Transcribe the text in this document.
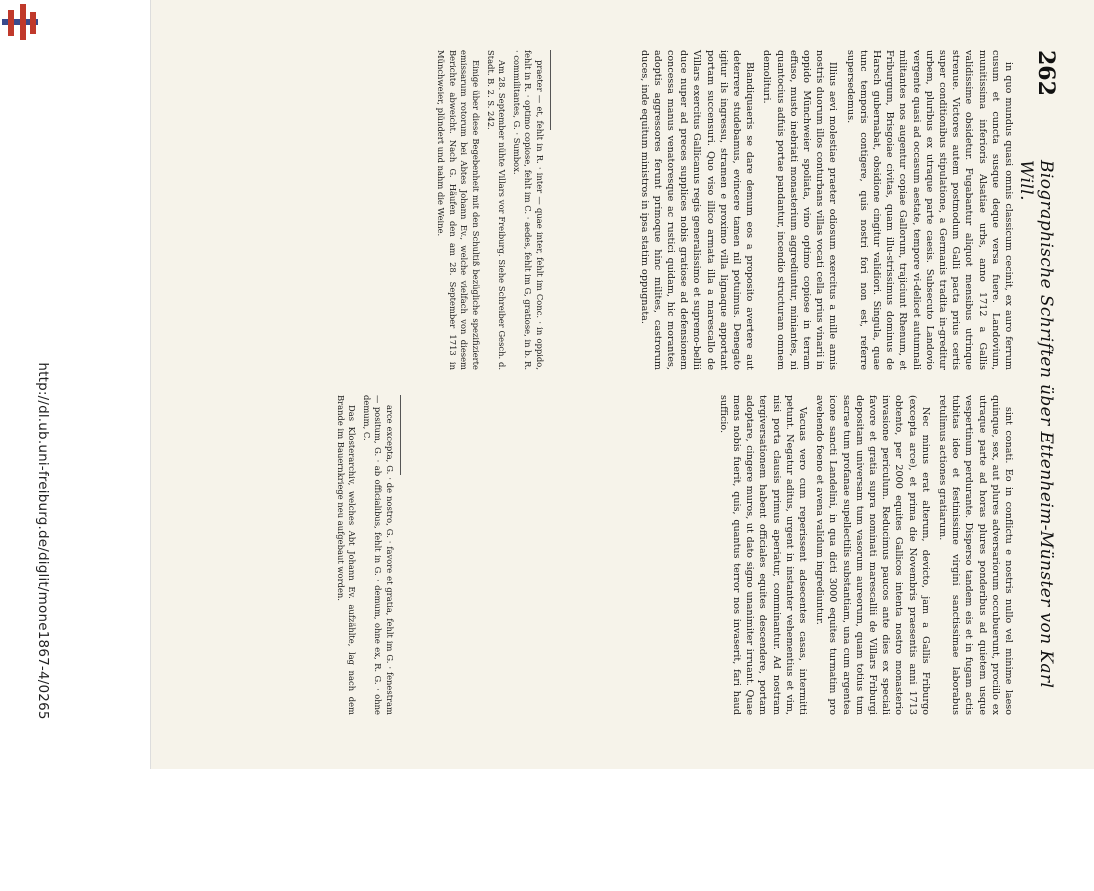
http://dl.ub.uni-freiburg.de/diglit/mone1867-4/0265
262
Biographische Schriften über Ettenheim-Münster von Karl Will.

in quo mundus quasi omnis classicum cecinit, ex auro ferrum cusum et cuncta susque deque versa fuere. Landovium, munitissima inferioris Alsatiae urbs, anno 1712 a Gallis validissime obsidetur. Fugabantur aliquot mensibus utrinque strenue. Victores autem postmodum Galli pacta prius certis super conditionibus stipulatione, a Germanis tradita in-greditur urbem, pluribus ex utraque parte caesis. Subsecuto Landovio vergente quasi ad occasum aestate, tempore vi-delicet autumnali militantes nos augentur copiae Gallorum, trajiciunt Rhenum, et Friburgum, Brisgoiae civitas, quam illu-strissimus dominus de Harsch gubernabat, obsidione cingitur validiori. Singula, quae tunc temporis contigere, quis nostri fori non est, referre supersedemus.

Illius aevi molestiae praeter odiosum exercitus a mille annis nostris duorum illos conturbans villas vocati cella prius vinarii in oppido Münchweier spoliata, vino optimo copiose in terram effuso, musto inebriati monasterium aggrediuntur, miniantes, ni quantocius adfuis portae pandantur, incendio structuram omnem demolituri.

Blandiquaeris se dare demum eos a proposito avertere aut deterrere studebamus, evincere tamen nil potuimus. Denegato igitur ils ingressu, stramen e proximo villa lignaque apportant portam succensuri. Quo viso illico armata illa a marescallo de Villars exercitus Gallicanus regis generalissimo et supremo-bellii duce nuper ad preces supplices nobis gratiose ad defensionem concessa manus venatoresque ac rustici quidam, hic morantes, adoptis aggressores ferunt primoque hinc milites, castrorum duces, inde equitum ministros in ipsa statim oppugnata.

sint conati. Eo in conflictu e nostris nullo vel minime laeso quinque, sex, aut plures adversariorum occubuerunt, prociilo ex utraque parte ad horas plures ponderibus ad quietem usque vespertinum perdurante. Disperso tandem eis et in fugam actis tubitas ideo et festinissime virgini sanctissimae laborabus retulimus actiones gratiarum.

Nec minus erat alterum, devicto, jam a Gallis Friburgo (excepta arce), et prima die Novembris praesentis anni 1713 obtento, per 2000 equites Gallicos intenta nostro monasterio invasione periculum. Reducimus paucos ante dies ex speciali favore et gratia supra nominati marescallii de Villars Friburgi depositam universam tum vasorum aureorum, quam totius tum sacrae tum profanae supellectilis substantiam, una cum argentea icone sancti Landelini, in qua dicti 3000 equites turmatim pro avehendo foeno et avena validum ingrediuntur.

Vacuas vero cum reperissent adsecentes casas, intermitti petunt. Negatur aditus, urgent in instanter vehementius et vim, nisi porta clausis primus aperiatur, comminantur. Ad nostram tergiversationem habent officiales equites descendere, portam adoptare, cingere muros, ut dato signo unanimiter irruant. Quae mens nobis fuerit, quis, quantus terror nos invaserit, fari haud sufficio.

praeter — et, fehlt in R. · inter — quae inter, fehlt im Conc. · in oppido, fehlt in R. · optimo copiose, fehlt im C. · aedes, fehlt im G, gratiose, in b. R. · commilitantes, G. · Sumbox.

Am 28. September nühte Villars vor Freiburg. Siehe Schreiber Gesch. d. Stadt. B. 2. S. 242.

Einige über diese Begebenheit mit den Schultiß bezügliche spezifizierte emissarum rotorum bei Abtes Johann Ev., welche vielfach von diesem Berichte abweicht. Nach G. Häufen den am 28. September 1713 in Münchweier, plündert und nahm die Weine.

arce excepta, G. · de nostro, G. · favore et gratia, fehlt im G. · fenestram — positum, G. · ab officialibus, fehlt in G. · demum, ohne ex, R. G. · ohne demum, C.

Das Klosterarchiv, welches Abt Johann Ev. aufzählte, lag nach dem Brande im Bauernkriege neu aufgebaut worden.
